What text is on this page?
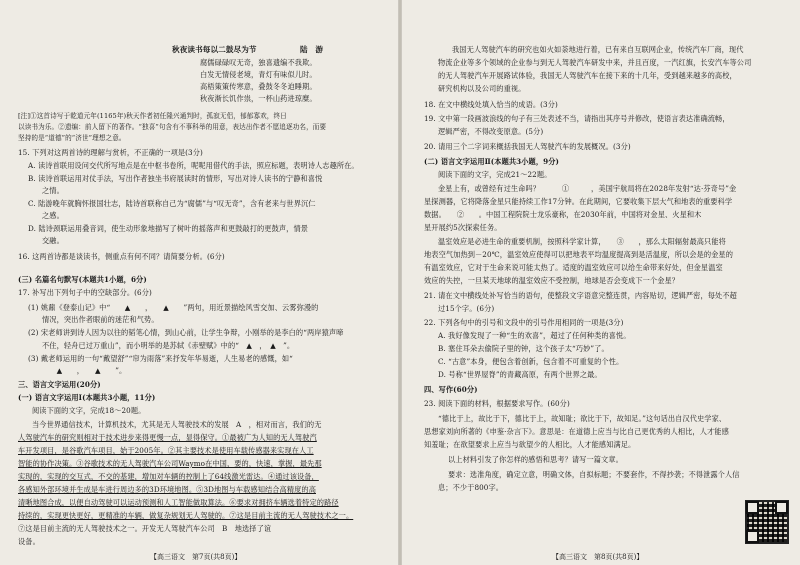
秋夜读书每以二鼓尽为节	陆　游
腐儒碌碌叹无奇，独喜遗编不我欺。
白发无情侵老境，青灯有味似儿时。
高梧策策传寒意，叠鼓冬冬迫睡期。
秋夜渐长饥作祟，一杯山药进琼糜。
[注]①这首诗写于乾道元年(1165年)秋天作者初任隆兴通判时，孤寂无侣，郁郁寡欢，终日
以读书为乐。②遗编：前人留下的著作。“独喜”句含有不事科举的用意，表达出作者不愿追逐功名，而要
坚持的是“道德”的“济世”理想之意。
15. 下列对这两首诗的理解与赏析，不正确的一项是(3分)
A. 读诗首联用设问交代所写地点是在中枢书卷所，呢呢用借代的手法，照应标题，表明诗人志趣所在。
B. 读诗首联运用对仗手法，写出作者独坐书府展读时的情形，写出对诗人读书的宁静和喜悦
之情。
C. 陆游晚年就胸怀报国壮志，陆诗首联称自己为“腐儒”与“叹无奇”，含有老来与世界沉仁
之感。
D. 陆诗颈联运用叠音词，使生动形象地描写了树叶的摇落声和更鼓敲打的更鼓声，情景
交融。
16. 这两首诗都是谈读书，侧重点有何不同？请简要分析。(6分)
(三) 名篇名句默写(本题共1小题，6分)
17. 补写出下列句子中的空缺部分。(6分)
(1) 姚鼐《登泰山记》中“　　▲　　，　　▲　　”两句，用近景描绘风雪交加、云雾弥漫的
情况，突出作者眼前的迷茫和气势。
(2) 宋老师讲到诗人因为以往的韬笔心情，到山心前，让学生争辩，小刚举的是李白的“两岸猿声啼
不住，轻舟已过万重山”，而小明举的是苏轼《赤壁赋》中的“　▲　，　▲　”。
(3) 戴老师运用的一句“戴望舒”“帘为雨落”来抒发年华易逝，人生易老的感慨，如“
　　▲　　，　　▲　　”。
三、语言文字运用(20分)
(一) 语言文字运用Ⅰ(本题共3小题，11分)
阅读下面的文字，完成18～20题。
当今世界通信技术，计算机技术，尤其是无人驾驶技术的发展　A　，相对而言，我们的无
人驾驶汽车的研究则相对于技术进步来得更慢一点，显得保守。①最被广为人知的无人驾驶汽
车开发项目，是谷歌汽车项目，始于2005年。②其主要技术是使用车载传感器来实现在人工
智能的协作决策。③谷歌技术的无人驾驶汽车公司Waymo在中国，要的，快速，掌握，最先那
实现的，实现的交互式，不交的基建，增加对车辆的控制上了64线激光雷达。④通过该设备，
各感知外部环境并生成是车进行周边多的3D环境地图。⑤3D地图与车载感知结合高精度的高
清晰地图合成，以便自动驾驶可以运动预测和人工智能做取算法。⑥要求对拥挤车辆选着特定的路径
持续的，实现更快更好，更精准的车辆，做复杂规划无人驾驶的。⑦这是目前主流的无人驾驶技术之一。
⑦这是目前主流的无人驾驶技术之一。开发无人驾驶汽车公司　B　地选择了谊
设备。
【高三语文　第7页(共8页)】
我国无人驾驶汽车的研究也如火如荼地进行着，已有来自互联网企业，传统汽车厂商，现代
物流企业等多个领域的企业参与到无人驾驶汽车研发中来，并且百度，一汽红旗，长安汽车等公司
的无人驾驶汽车开展路试体验，我国无人驾驶汽车在接下来的十几年，受到越来越多的高校，
研究机构以及公司的重视。
18. 在文中横线处填入恰当的成语。(3分)
19. 文中第一段画波浪线的句子有三处表述不当，请指出其序号并修改，使语言表达准确流畅，
逻辑严密，不得改变原意。(5分)
20. 请用三个二字词来概括我国无人驾驶汽车的发展概况。(3分)
(二) 语言文字运用Ⅱ(本题共3小题，9分)
阅读下面的文字，完成21～22题。
金星上有，或曾经有过生命吗？　　　①　　　，美国宇航局将在2028年发射“达·芬奇号”金
星探测器，它将降落金星只能持续工作17分钟。在此期间，它要收集下层大气和地表的重要科学
数据。　　②　　。中国工程院院士龙乐豪称，在2030年前，中国将对金星、火星和木
星开展约5次探索任务。
温室效应是必进生命的重要机制，按照科学家计算，　　③　　，那么太阳辐射最高只能将
地表空气加热到－20℃，温室效应使得可以把地表平均温度提高到是活温度，所以会是的金星的
有温室效应，它对于生命来说可能太热了。适度的温室效应可以给生命带来好处，但金星温室
效应的失控，一旦某天地球的温室效应不受控制，地球是否会变成下一个金星？
21. 请在文中横线处补写恰当的语句，使整段文字语意完整连贯，内容贴切，逻辑严密，每处不超
过15个字。(6分)
22. 下列各句中的引号和文段中的引号作用相同的一项是(3分)
A. 我好像发现了一种“生的欢喜”，超过了任何种类的喜悦。
B. 塞住耳朵去偷院子里的钟，这个孩子太“巧妙”了。
C. “古意”本身，便包含着创新，包含着不可重复的个性。
D. 号称“世界屋脊”的青藏高原，有两个世界之最。
四、写作(60分)
23. 阅读下面的材料，根据要求写作。(60分)
“德比于上，故比于下，德比于上，故知耻；欲比于下，故知足。”这句话出自汉代史学家、
思想家刘向所著的《申鉴·杂言下》。意思是：在道德上应当与比自己更优秀的人相比，人才能感
知羞耻；在欲望要求上应当与欲望少的人相比，人才能感知满足。
以上材料引发了你怎样的感悟和思考？请写一篇文章。
要求：选准角度，确定立意，明确文体，自拟标题；不要套作，不得抄袭；不得泄露个人信
息；不少于800字。
【高三语文　第8页(共8页)】
